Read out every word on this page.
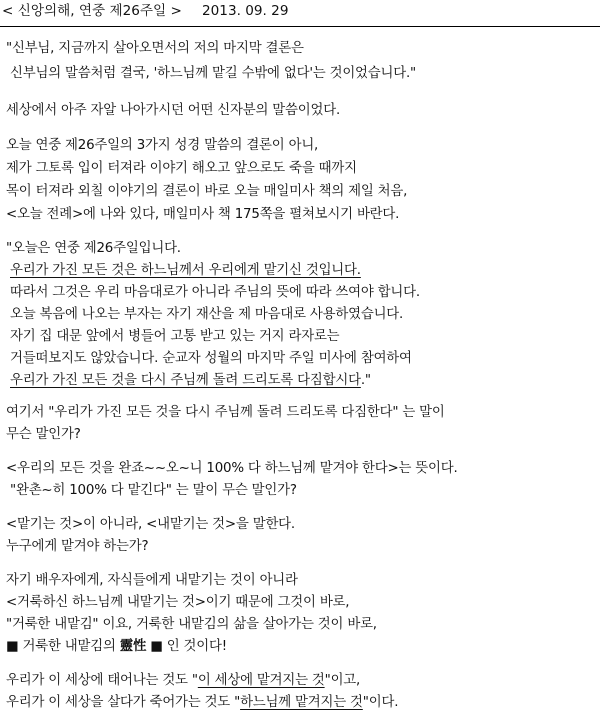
< 신앙의해, 연중 제26주일 > 2013. 09. 29
"신부님, 지금까지 살아오면서의 저의 마지막 결론은
신부님의 말씀처럼 결국, '하느님께 맡길 수밖에 없다'는 것이었습니다."
세상에서 아주 자알 나아가시던 어떤 신자분의 말씀이었다.
오늘 연중 제26주일의 3가지 성경 말씀의 결론이 아니,
제가 그토록 입이 터져라 이야기 해오고 앞으로도 죽을 때까지
목이 터져라 외칠 이야기의 결론이 바로 오늘 매일미사 책의 제일 처음,
<오늘 전례>에 나와 있다, 매일미사 책 175쪽을 펼쳐보시기 바란다.
"오늘은 연중 제26주일입니다.
우리가 가진 모든 것은 하느님께서 우리에게 맡기신 것입니다.
따라서 그것은 우리 마음대로가 아니라 주님의 뜻에 따라 쓰여야 합니다.
오늘 복음에 나오는 부자는 자기 재산을 제 마음대로 사용하였습니다.
자기 집 대문 앞에서 병들어 고통 받고 있는 거지 라자로는
거들떠보지도 않았습니다. 순교자 성월의 마지막 주일 미사에 참여하여
우리가 가진 모든 것을 다시 주님께 돌려 드리도록 다짐합시다."
여기서 "우리가 가진 모든 것을 다시 주님께 돌려 드리도록 다짐한다" 는 말이
무슨 말인가?
<우리의 모든 것을 완죠~~오~니 100% 다 하느님께 맡겨야 한다>는 뜻이다.
"완촌~히 100% 다 맡긴다" 는 말이 무슨 말인가?
<맡기는 것>이 아니라, <내맡기는 것>을 말한다.
누구에게 맡겨야 하는가?
자기 배우자에게, 자식들에게 내맡기는 것이 아니라
<거룩하신 하느님께 내맡기는 것>이기 때문에 그것이 바로,
"거룩한 내맡김" 이요, 거룩한 내맡김의 삶을 살아가는 것이 바로,
■ 거룩한 내맡김의 靈性 ■ 인 것이다!
우리가 이 세상에 태어나는 것도 "이 세상에 맡겨지는 것"이고,
우리가 이 세상을 살다가 죽어가는 것도 "하느님께 맡겨지는 것"이다.
